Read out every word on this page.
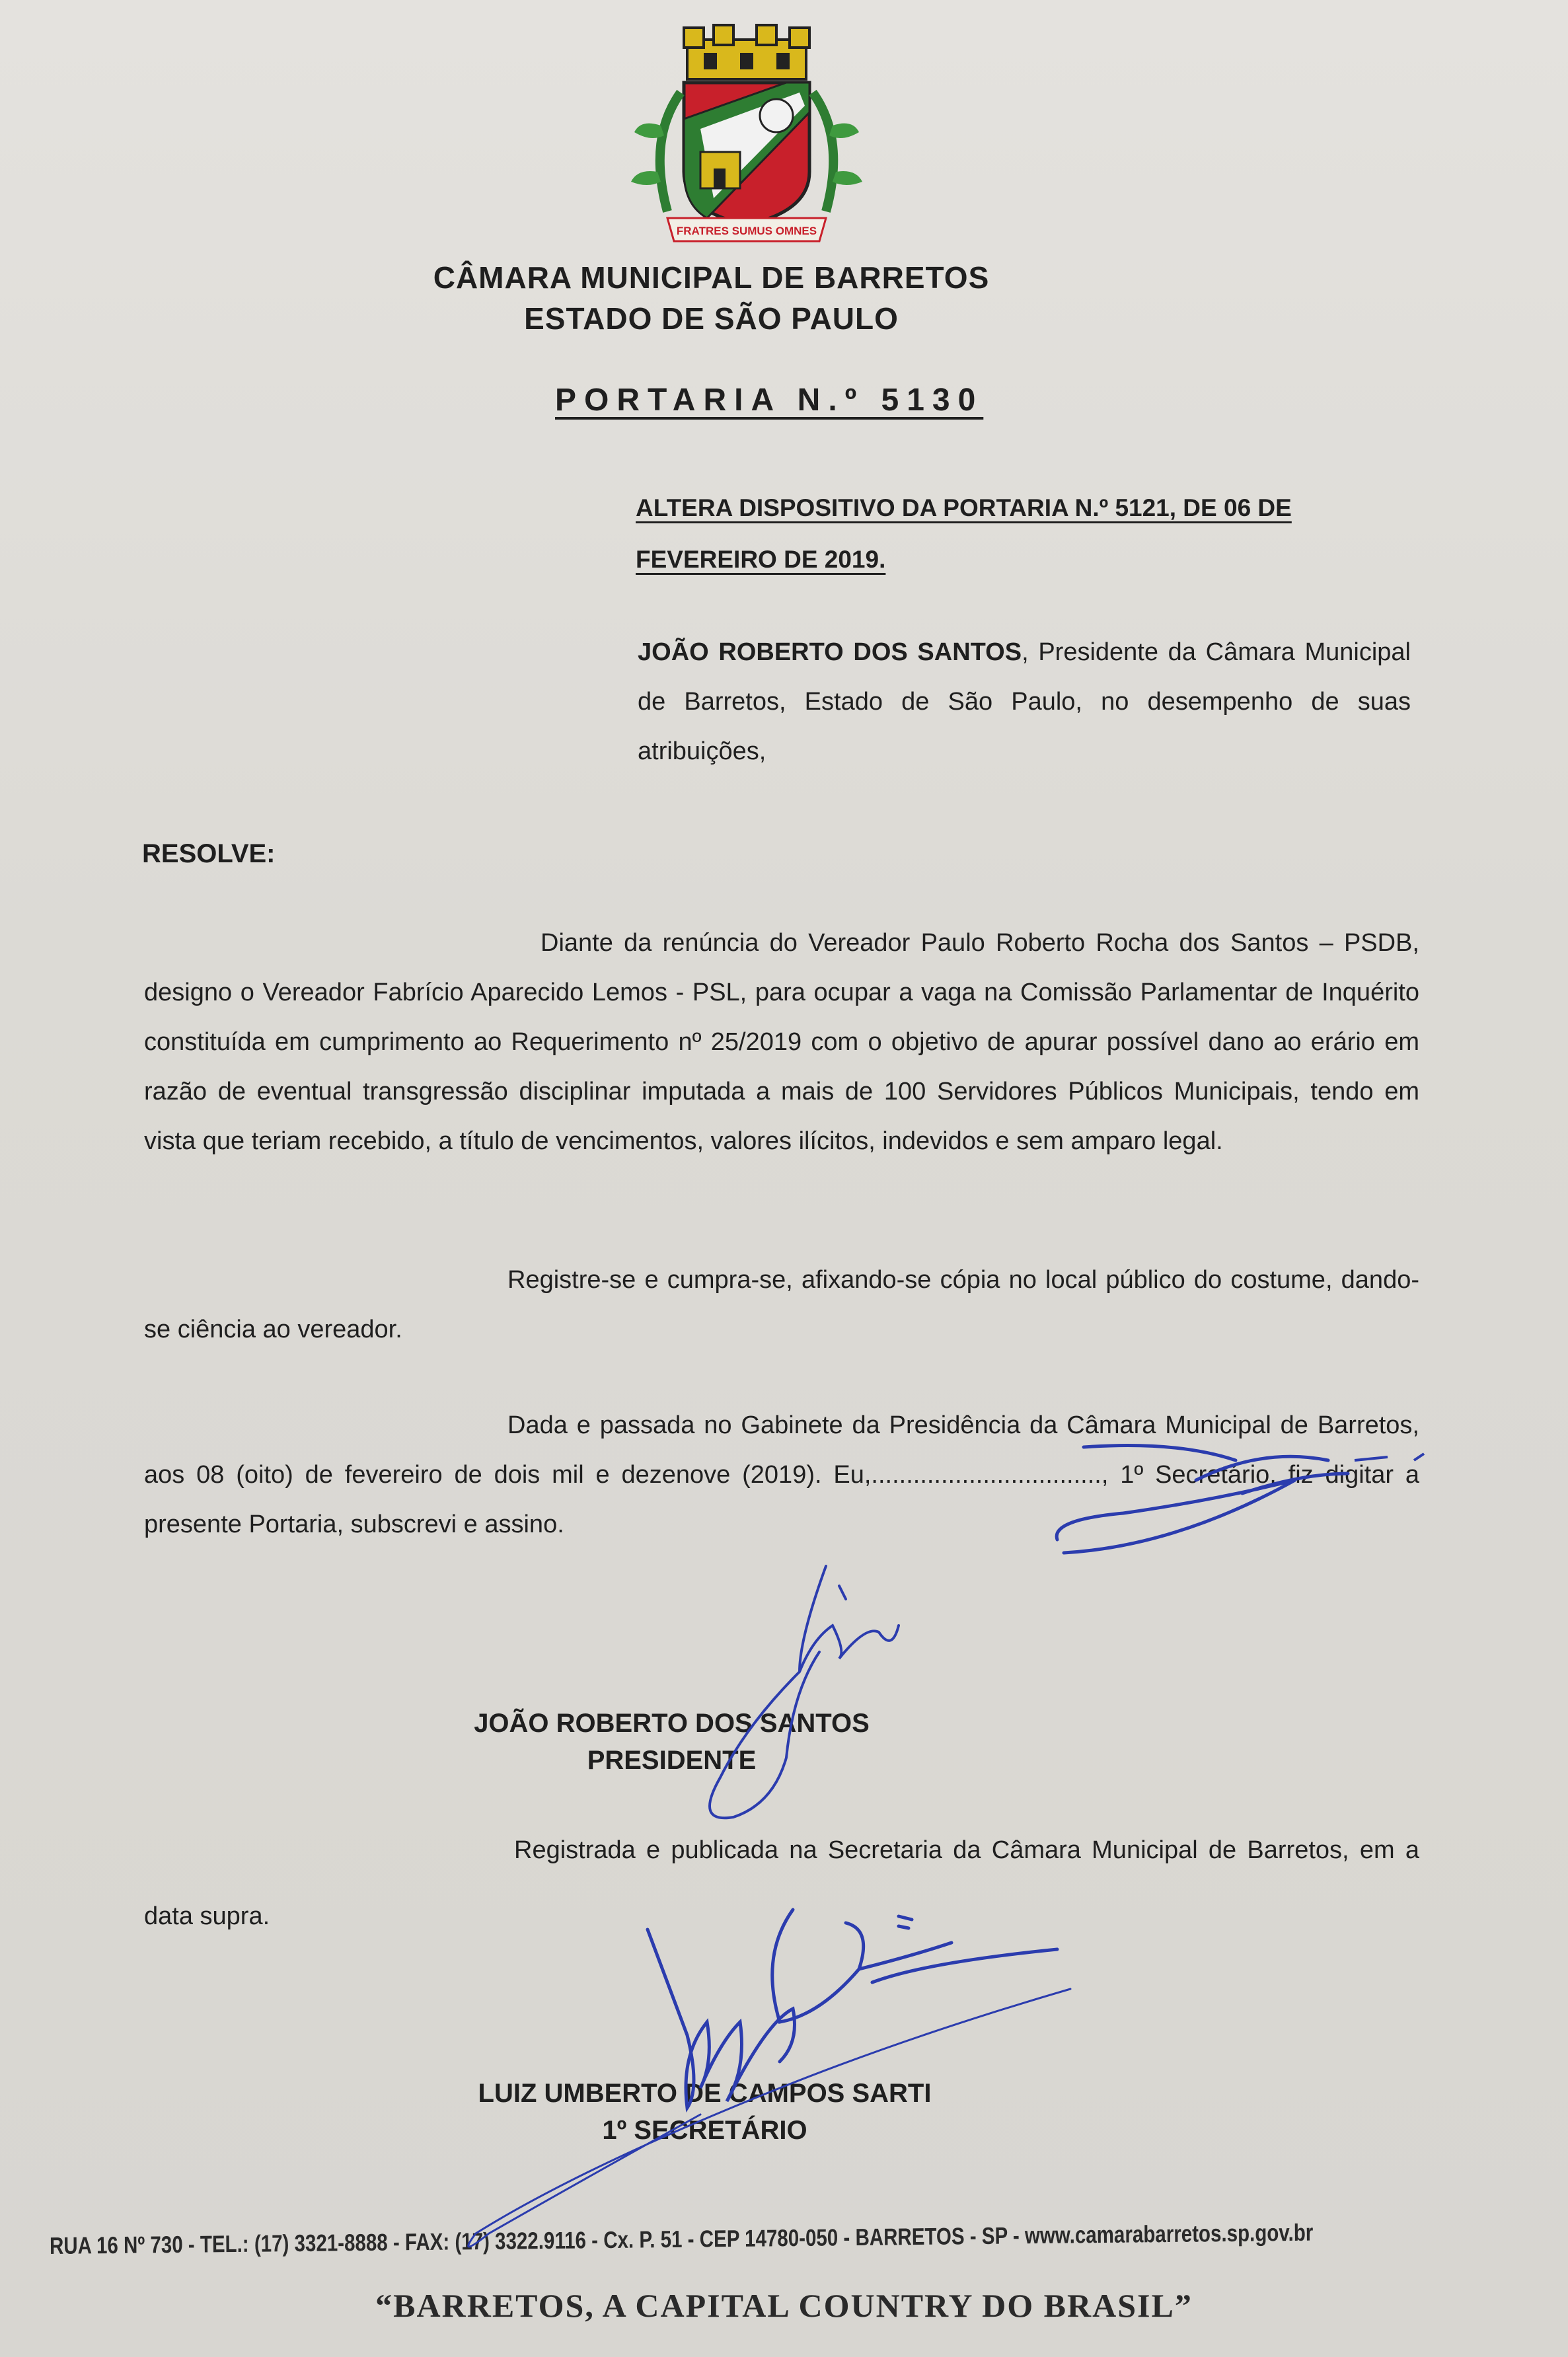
FRATRES SUMUS OMNES
CÂMARA MUNICIPAL DE BARRETOS
ESTADO DE SÃO PAULO
PORTARIA N.º 5130
ALTERA DISPOSITIVO DA PORTARIA N.º 5121, DE 06 DE FEVEREIRO DE 2019.
JOÃO ROBERTO DOS SANTOS, Presidente da Câmara Municipal de Barretos, Estado de São Paulo, no desempenho de suas atribuições,
RESOLVE:
Diante da renúncia do Vereador Paulo Roberto Rocha dos Santos – PSDB, designo o Vereador Fabrício Aparecido Lemos - PSL, para ocupar a vaga na Comissão Parlamentar de Inquérito constituída em cumprimento ao Requerimento nº 25/2019 com o objetivo de apurar possível dano ao erário em razão de eventual transgressão disciplinar imputada a mais de 100 Servidores Públicos Municipais, tendo em vista que teriam recebido, a título de vencimentos, valores ilícitos, indevidos e sem amparo legal.
Registre-se e cumpra-se, afixando-se cópia no local público do costume, dando-se ciência ao vereador.
Dada e passada no Gabinete da Presidência da Câmara Municipal de Barretos, aos 08 (oito) de fevereiro de dois mil e dezenove (2019). Eu,................................., 1º Secretário, fiz digitar a presente Portaria, subscrevi e assino.
JOÃO ROBERTO DOS SANTOS
PRESIDENTE
Registrada e publicada na Secretaria da Câmara Municipal de Barretos, em a data supra.
LUIZ UMBERTO DE CAMPOS SARTI
1º SECRETÁRIO
RUA 16 Nº 730 - TEL.: (17) 3321-8888 - FAX: (17) 3322.9116 - Cx. P. 51 - CEP 14780-050 - BARRETOS - SP - www.camarabarretos.sp.gov.br
“BARRETOS, A CAPITAL COUNTRY DO BRASIL”
